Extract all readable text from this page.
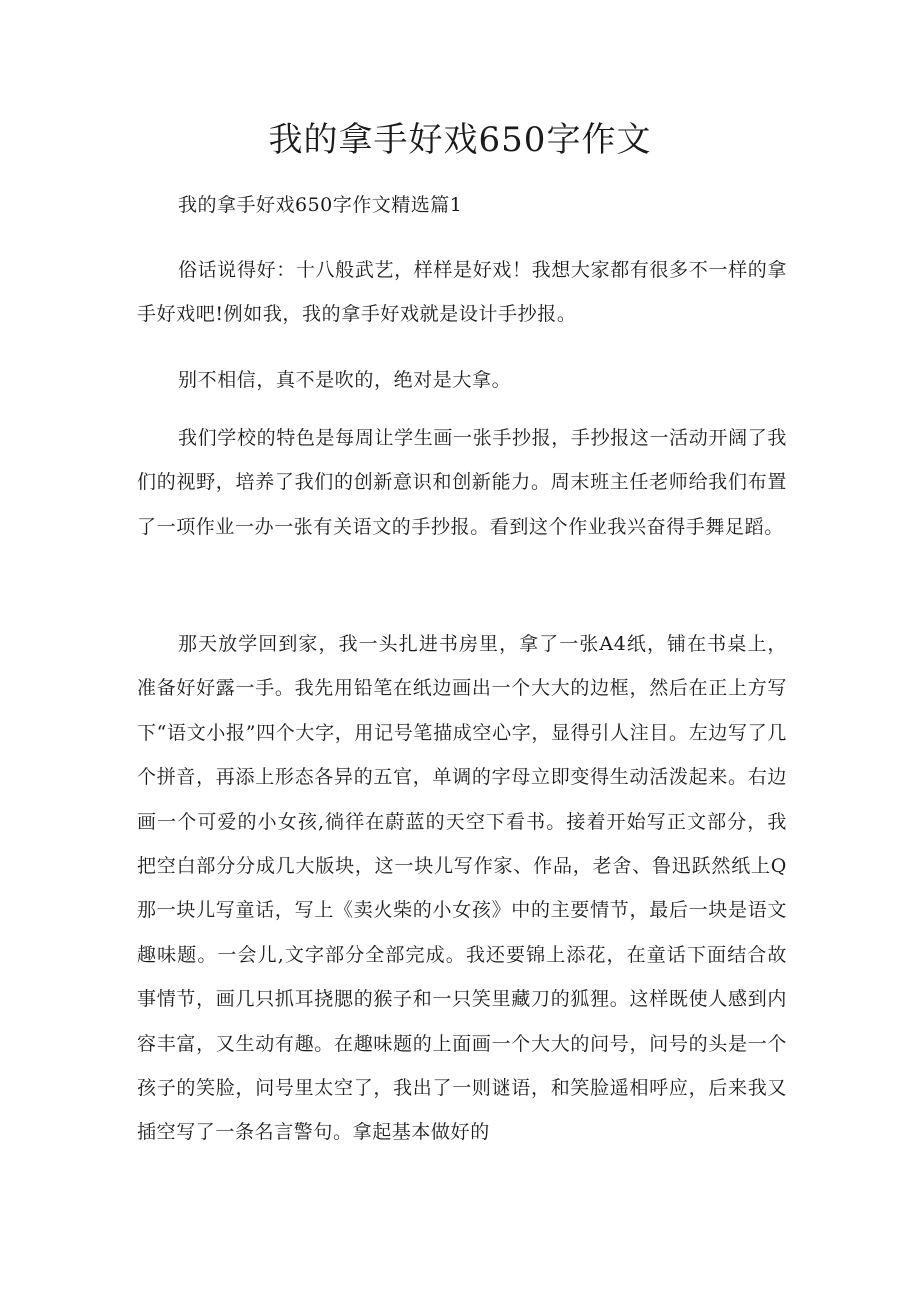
我的拿手好戏650字作文

我的拿手好戏650字作文精选篇1

俗话说得好：十八般武艺，样样是好戏！我想大家都有很多不一样的拿手好戏吧!例如我，我的拿手好戏就是设计手抄报。

别不相信，真不是吹的，绝对是大拿。

我们学校的特色是每周让学生画一张手抄报，手抄报这一活动开阔了我们的视野，培养了我们的创新意识和创新能力。周末班主任老师给我们布置了一项作业一办一张有关语文的手抄报。看到这个作业我兴奋得手舞足蹈。

那天放学回到家，我一头扎进书房里，拿了一张A4纸，铺在书桌上，准备好好露一手。我先用铅笔在纸边画出一个大大的边框，然后在正上方写下“语文小报”四个大字，用记号笔描成空心字，显得引人注目。左边写了几个拼音，再添上形态各异的五官，单调的字母立即变得生动活泼起来。右边画一个可爱的小女孩,徜徉在蔚蓝的天空下看书。接着开始写正文部分，我把空白部分分成几大版块，这一块儿写作家、作品，老舍、鲁迅跃然纸上Q那一块儿写童话，写上《卖火柴的小女孩》中的主要情节，最后一块是语文趣味题。一会儿,文字部分全部完成。我还要锦上添花，在童话下面结合故事情节，画几只抓耳挠腮的猴子和一只笑里藏刀的狐狸。这样既使人感到内容丰富，又生动有趣。在趣味题的上面画一个大大的问号，问号的头是一个孩子的笑脸，问号里太空了，我出了一则谜语，和笑脸遥相呼应，后来我又插空写了一条名言警句。拿起基本做好的
